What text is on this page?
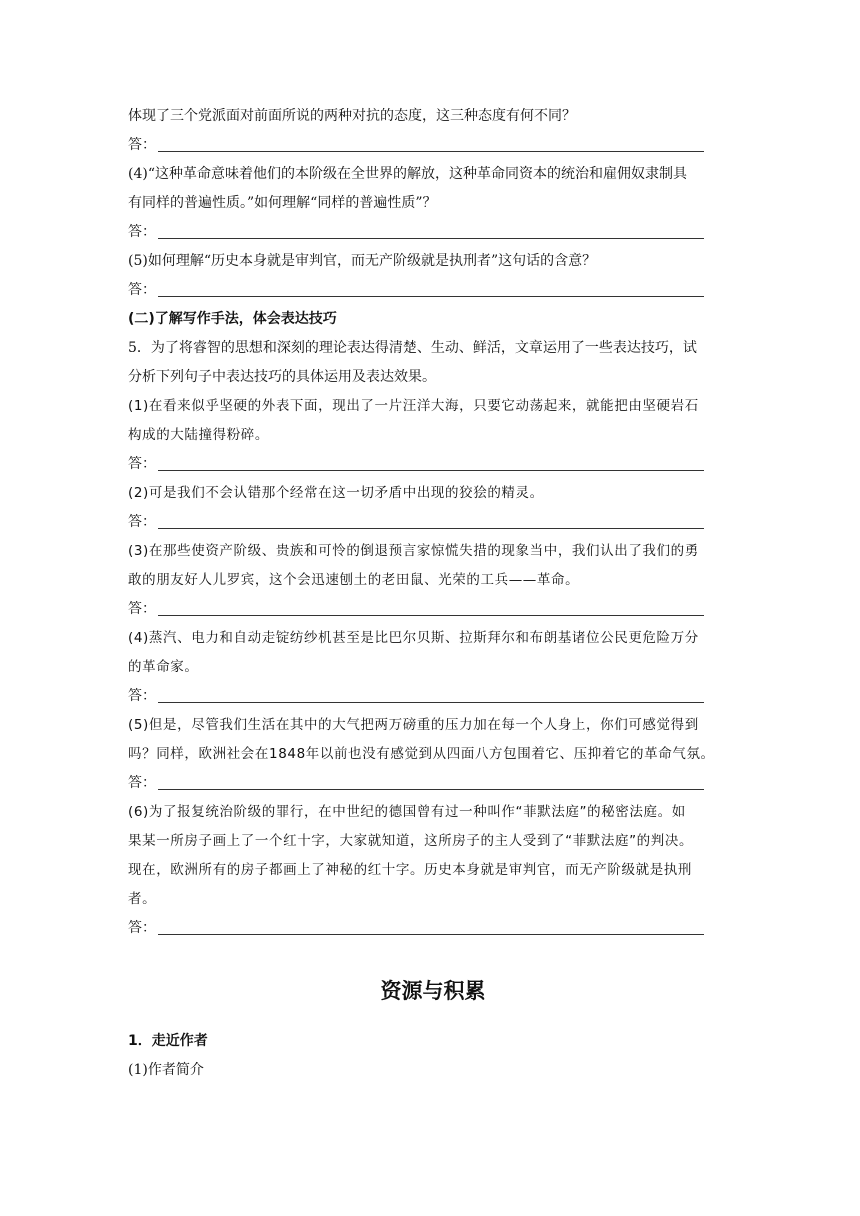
体现了三个党派面对前面所说的两种对抗的态度，这三种态度有何不同？
答：
(4)“这种革命意味着他们的本阶级在全世界的解放，这种革命同资本的统治和雇佣奴隶制具
有同样的普遍性质。”如何理解“同样的普遍性质”？
答：
(5)如何理解“历史本身就是审判官，而无产阶级就是执刑者”这句话的含意？
答：
(二)了解写作手法，体会表达技巧
5．为了将睿智的思想和深刻的理论表达得清楚、生动、鲜活，文章运用了一些表达技巧，试
分析下列句子中表达技巧的具体运用及表达效果。
(1)在看来似乎坚硬的外表下面，现出了一片汪洋大海，只要它动荡起来，就能把由坚硬岩石
构成的大陆撞得粉碎。
答：
(2)可是我们不会认错那个经常在这一切矛盾中出现的狡狯的精灵。
答：
(3)在那些使资产阶级、贵族和可怜的倒退预言家惊慌失措的现象当中，我们认出了我们的勇
敢的朋友好人儿罗宾，这个会迅速刨土的老田鼠、光荣的工兵——革命。
答：
(4)蒸汽、电力和自动走锭纺纱机甚至是比巴尔贝斯、拉斯拜尔和布朗基诸位公民更危险万分
的革命家。
答：
(5)但是，尽管我们生活在其中的大气把两万磅重的压力加在每一个人身上，你们可感觉得到
吗？同样，欧洲社会在1848年以前也没有感觉到从四面八方包围着它、压抑着它的革命气氛。
答：
(6)为了报复统治阶级的罪行，在中世纪的德国曾有过一种叫作“菲默法庭”的秘密法庭。如
果某一所房子画上了一个红十字，大家就知道，这所房子的主人受到了“菲默法庭”的判决。
现在，欧洲所有的房子都画上了神秘的红十字。历史本身就是审判官，而无产阶级就是执刑
者。
答：
资源与积累
1．走近作者
(1)作者简介
